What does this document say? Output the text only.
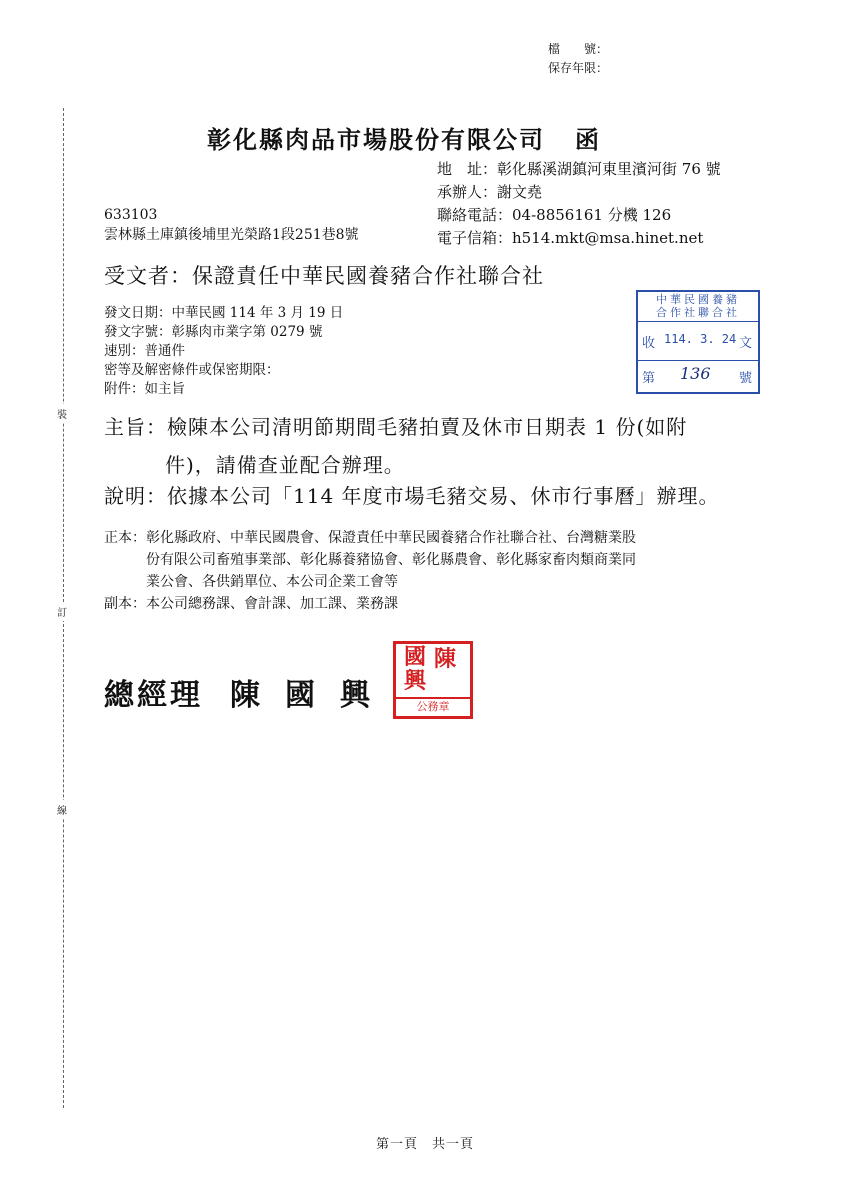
檔　　號：
保存年限：
裝
訂
線
彰化縣肉品市場股份有限公司 函
地　址：彰化縣溪湖鎮河東里濱河街 76 號
承辦人：謝文堯
聯絡電話：04-8856161 分機 126
電子信箱：h514.mkt@msa.hinet.net
633103
雲林縣土庫鎮後埔里光榮路1段251巷8號
受文者：保證責任中華民國養豬合作社聯合社
發文日期：中華民國 114 年 3 月 19 日
發文字號：彰縣肉市業字第 0279 號
速別：普通件
密等及解密條件或保密期限：
附件：如主旨
中華民國養豬
合作社聯合社
收 114. 3. 24 文
第 136 號
主旨：檢陳本公司清明節期間毛豬拍賣及休市日期表 1 份(如附
件)，請備查並配合辦理。
說明：依據本公司「114 年度市場毛豬交易、休市行事曆」辦理。
正本： 彰化縣政府、中華民國農會、保證責任中華民國養豬合作社聯合社、台灣糖業股
份有限公司畜殖事業部、彰化縣養豬協會、彰化縣農會、彰化縣家畜肉類商業同
業公會、各供銷單位、本公司企業工會等
副本：本公司總務課、會計課、加工課、業務課
總經理 陳 國 興
陳
國
興
公務章
第一頁　共一頁
